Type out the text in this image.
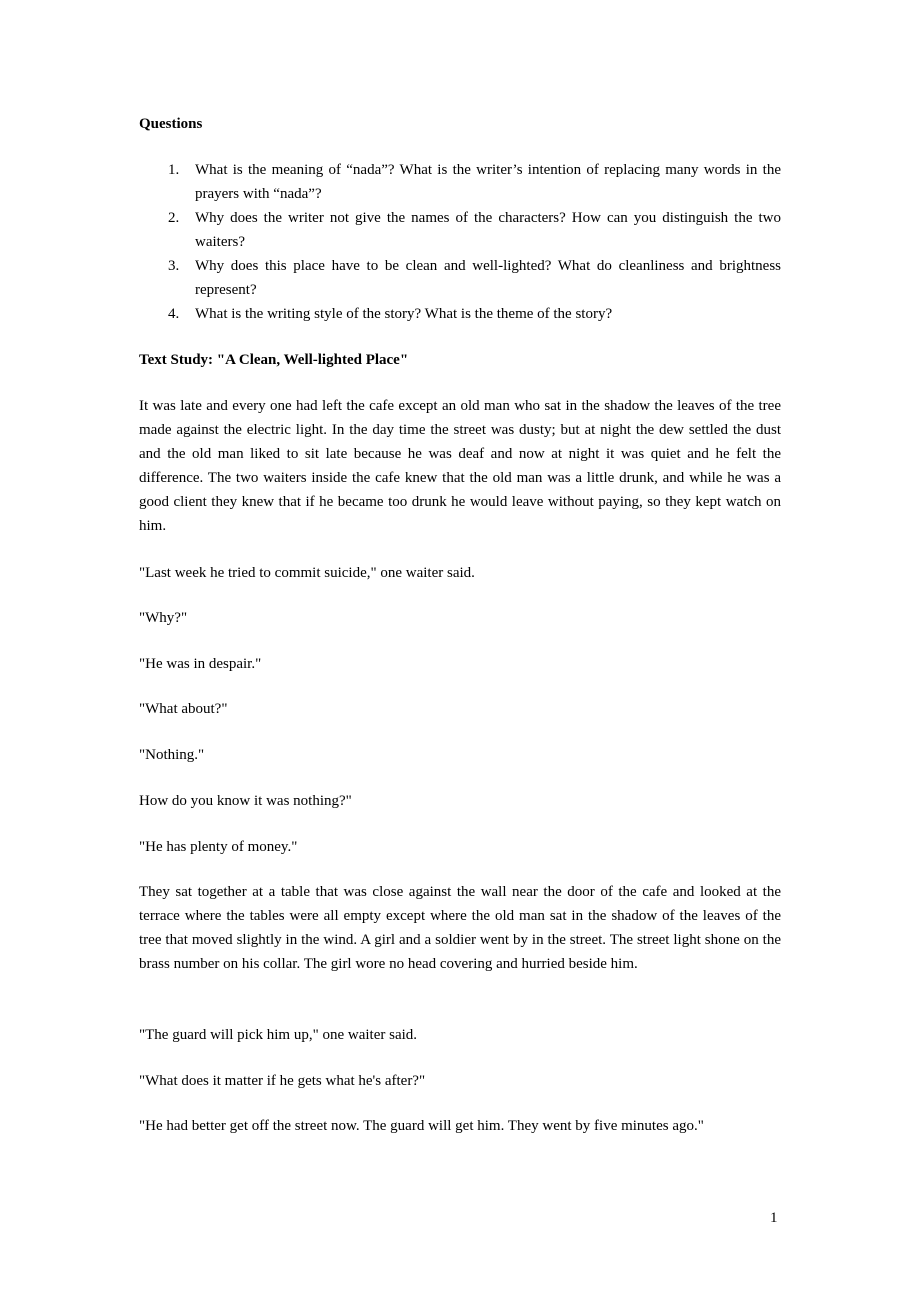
Questions
1. What is the meaning of “nada”? What is the writer’s intention of replacing many words in the prayers with “nada”?
2. Why does the writer not give the names of the characters? How can you distinguish the two waiters?
3. Why does this place have to be clean and well-lighted? What do cleanliness and brightness represent?
4. What is the writing style of the story? What is the theme of the story?
Text Study: "A Clean, Well-lighted Place"

It was late and every one had left the cafe except an old man who sat in the shadow the leaves of the tree made against the electric light. In the day time the street was dusty; but at night the dew settled the dust and the old man liked to sit late because he was deaf and now at night it was quiet and he felt the difference. The two waiters inside the cafe knew that the old man was a little drunk, and while he was a good client they knew that if he became too drunk he would leave without paying, so they kept watch on him.

"Last week he tried to commit suicide," one waiter said.

"Why?"

"He was in despair."

"What about?"

"Nothing."

How do you know it was nothing?"

"He has plenty of money."

They sat together at a table that was close against the wall near the door of the cafe and looked at the terrace where the tables were all empty except where the old man sat in the shadow of the leaves of the tree that moved slightly in the wind. A girl and a soldier went by in the street. The street light shone on the brass number on his collar. The girl wore no head covering and hurried beside him.

"The guard will pick him up," one waiter said.

"What does it matter if he gets what he's after?"

"He had better get off the street now. The guard will get him. They went by five minutes ago."

1
